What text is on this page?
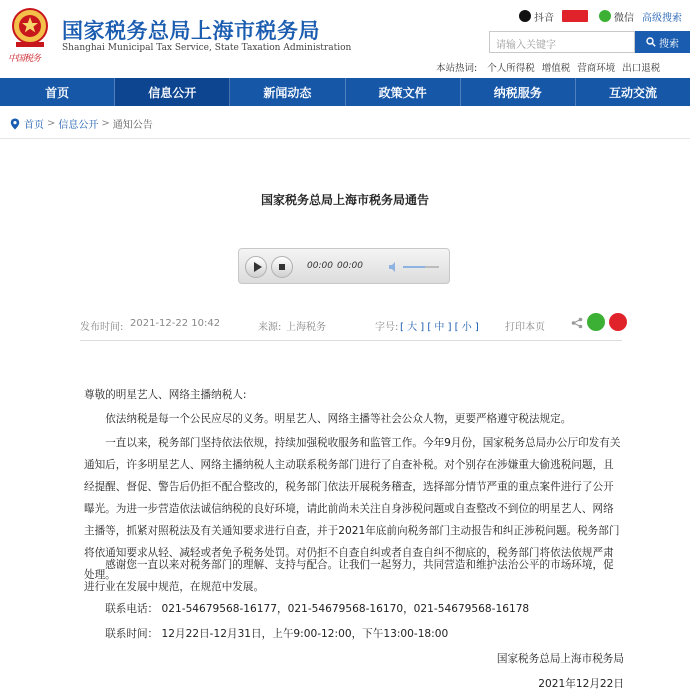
中国税务
国家税务总局上海市税务局
Shanghai Municipal Tax Service, State Taxation Administration
抖音	微信 高级搜索
请输入关键字	搜索
本站热词: 个人所得税 增值税 营商环境 出口退税
首页	信息公开	新闻动态	政策文件	纳税服务	互动交流
首页 > 信息公开 > 通知公告
国家税务总局上海市税务局通告
00:00 00:00
发布时间: 2021-12-22 10:42	来源: 上海税务	字号: [ 大 ] [ 中 ] [ 小 ]	打印本页
尊敬的明星艺人、网络主播纳税人:
依法纳税是每一个公民应尽的义务。明星艺人、网络主播等社会公众人物，更要严格遵守税法规定。
一直以来，税务部门坚持依法依规，持续加强税收服务和监管工作。今年9月份，国家税务总局办公厅印发有关通知后，许多明星艺人、网络主播纳税人主动联系税务部门进行了自查补税。对个别存在涉嫌重大偷逃税问题，且经提醒、督促、警告后仍拒不配合整改的，税务部门依法开展税务稽查，选择部分情节严重的重点案件进行了公开曝光。为进一步营造依法诚信纳税的良好环境，请此前尚未关注自身涉税问题或自查整改不到位的明星艺人、网络主播等，抓紧对照税法及有关通知要求进行自查，并于2021年底前向税务部门主动报告和纠正涉税问题。税务部门将依通知要求从轻、减轻或者免予税务处罚。对仍拒不自查自纠或者自查自纠不彻底的，税务部门将依法依规严肃处理。
感谢您一直以来对税务部门的理解、支持与配合。让我们一起努力，共同营造和维护法治公平的市场环境，促进行业在发展中规范，在规范中发展。
联系电话： 021-54679568-16177，021-54679568-16170，021-54679568-16178
联系时间： 12月22日-12月31日，上午9:00-12:00，下午13:00-18:00
国家税务总局上海市税务局
2021年12月22日
